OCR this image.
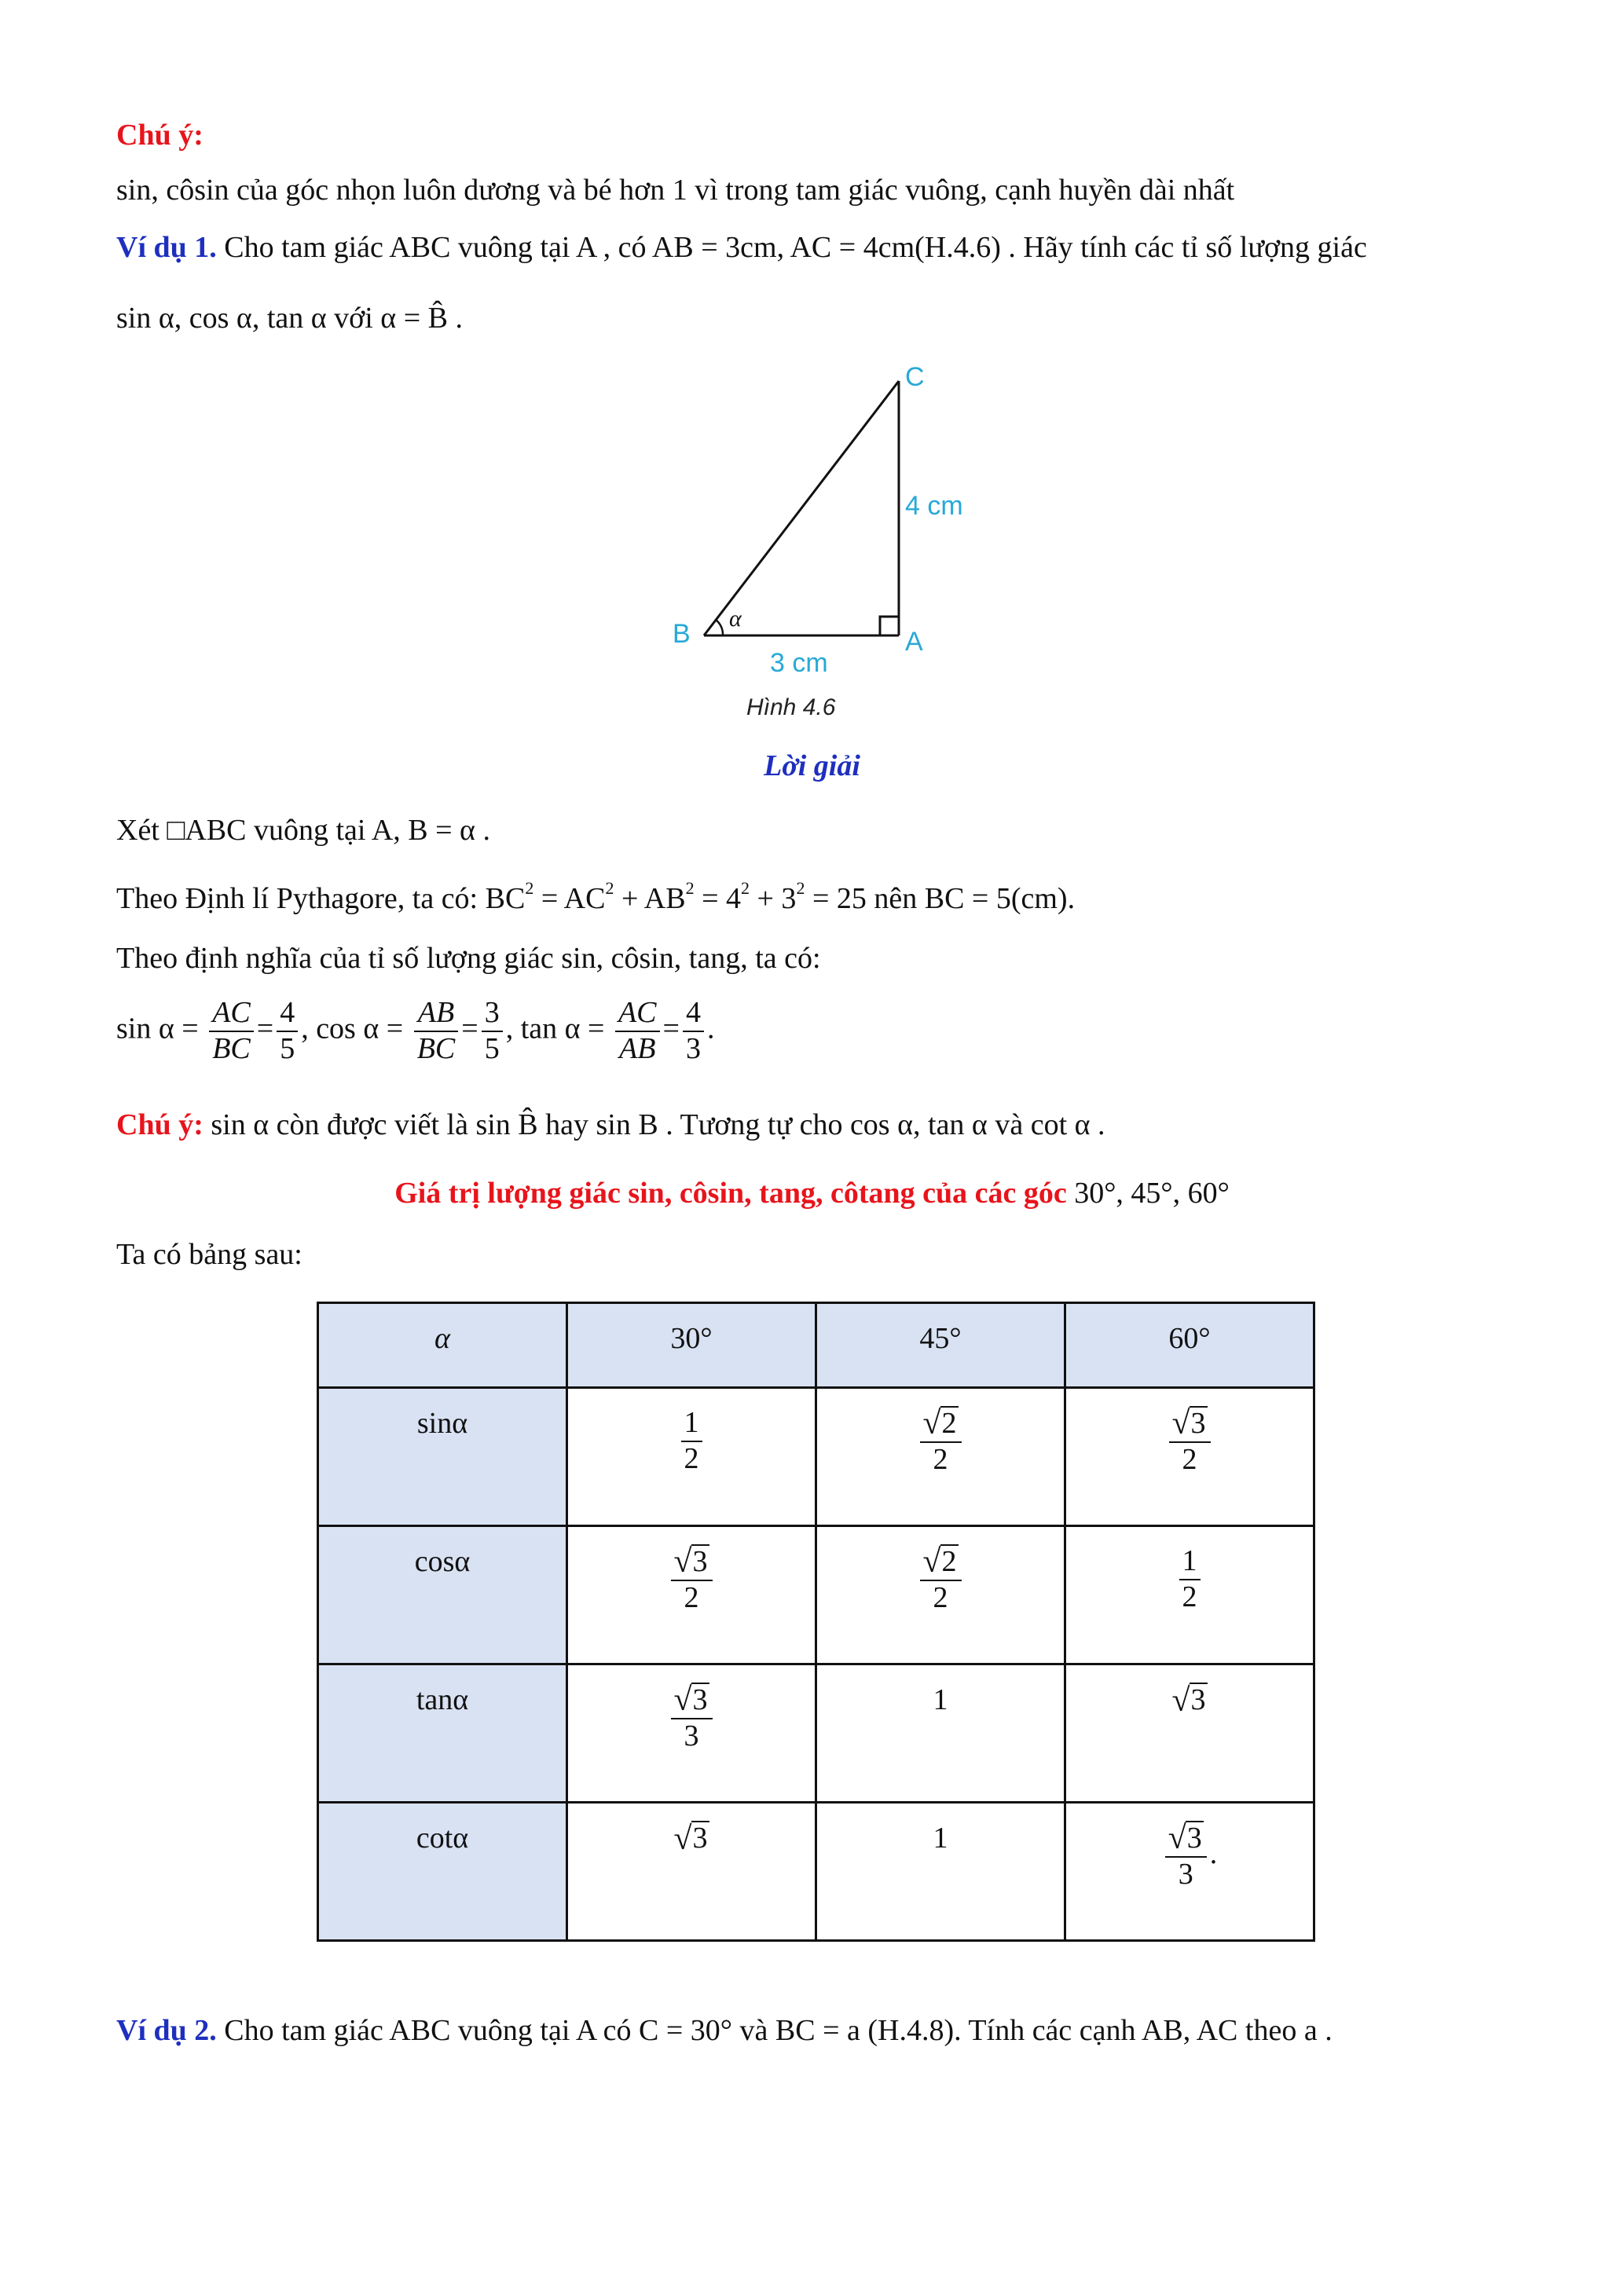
Chú ý:
sin, côsin của góc nhọn luôn dương và bé hơn 1 vì trong tam giác vuông, cạnh huyền dài nhất
Ví dụ 1. Cho tam giác ABC vuông tại A , có AB = 3cm, AC = 4cm(H.4.6) . Hãy tính các tỉ số lượng giác
sin α, cos α, tan α với α = B̂ .
C
B	A
α
4 cm
3 cm
Hình 4.6
Lời giải
Xét □ABC vuông tại A, B = α .
Theo Định lí Pythagore, ta có: $BC^2 = AC^2 + AB^2 = 4^2 + 3^2 = 25$ nên BC = 5(cm).
Theo định nghĩa của tỉ số lượng giác sin, côsin, tang, ta có:
$\sin \alpha = \frac{AC}{BC} = \frac{4}{5}$ , $\cos \alpha = \frac{AB}{BC} = \frac{3}{5}$ , $\tan \alpha = \frac{AC}{AB} = \frac{4}{3}$ .
Chú ý: sin α còn được viết là sin B̂ hay sin B . Tương tự cho cos α, tan α và cot α .
Giá trị lượng giác sin, côsin, tang, côtang của các góc 30°, 45°, 60°
Ta có bảng sau:
α	30°	45°	60°
sinα	$\frac{1}{2}$	√ $\frac{2}{2}$	√ $\frac{3}{2}$

cosα	√ $\frac{3}{2}$	√ $\frac{2}{2}$	$\frac{1}{2}$

tanα	√ $\frac{3}{3}$	1	√ 3
cotα	√ 3	1	√ $\frac{3}{3}$ .
Ví dụ 2. Cho tam giác ABC vuông tại A có C = 30° và BC = a (H.4.8). Tính các cạnh AB, AC theo a .
